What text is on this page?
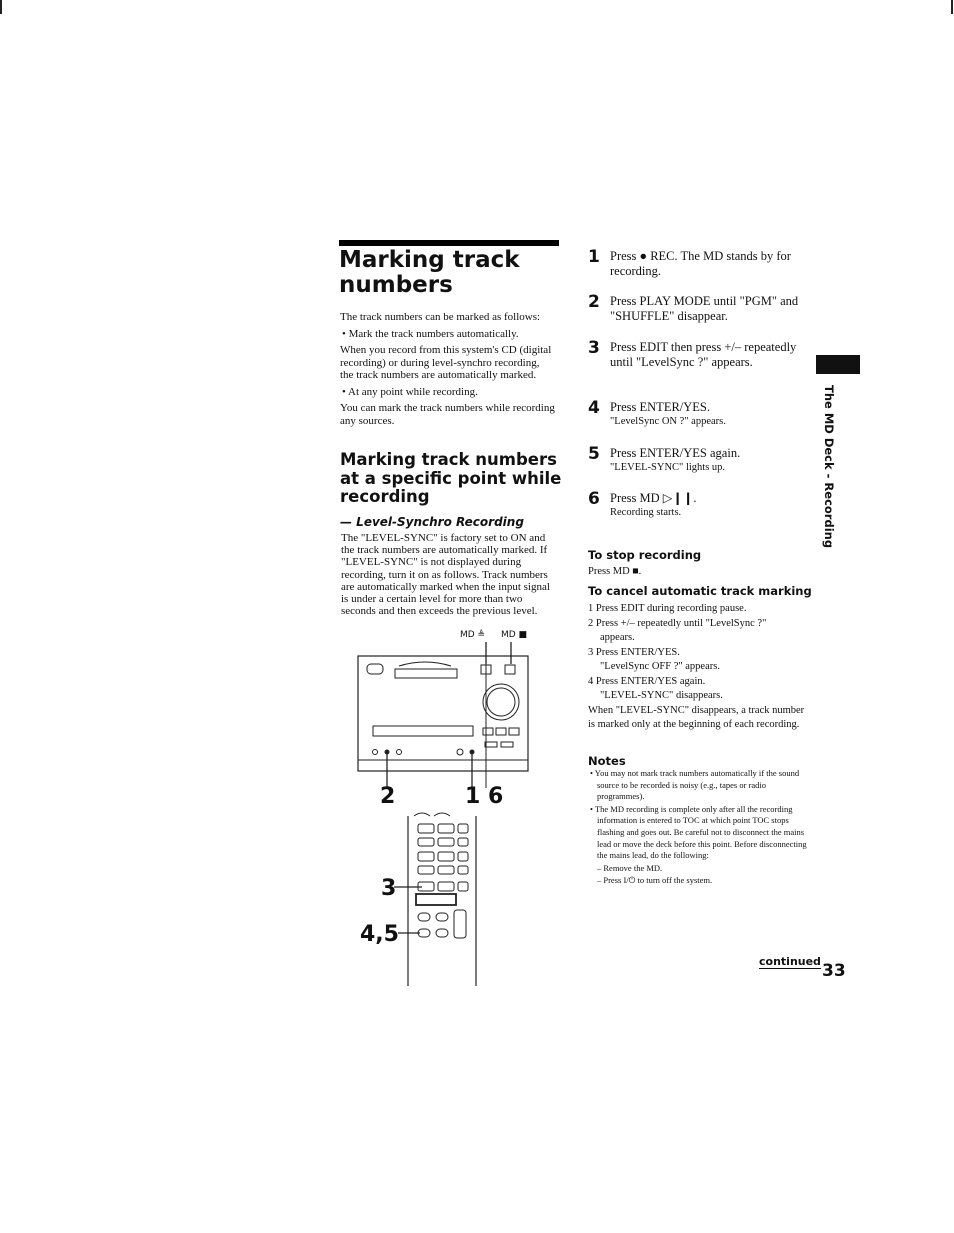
Marking track numbers

The track numbers can be marked as follows:

• Mark the track numbers automatically.

When you record from this system's CD (digital recording) or during level-synchro recording, the track numbers are automatically marked.

• At any point while recording.

You can mark the track numbers while recording any sources.

Marking track numbers at a specific point while recording
— Level-Synchro Recording
The "LEVEL-SYNC" is factory set to ON and the track numbers are automatically marked. If "LEVEL-SYNC" is not displayed during recording, turn it on as follows. Track numbers are automatically marked when the input signal is under a certain level for more than two seconds and then exceeds the previous level.
MD ≜ MD ■
2	1 6
3
4,5
1 Press ● REC. The MD stands by for recording.
2 Press PLAY MODE until "PGM" and "SHUFFLE" disappear.
3 Press EDIT then press +/– repeatedly until "LevelSync ?" appears.
4 Press ENTER/YES.
"LevelSync ON ?" appears.
5 Press ENTER/YES again.
"LEVEL-SYNC" lights up.
6 Press MD ▷❙❙.
Recording starts.
To stop recording
Press MD ■.
To cancel automatic track marking

1 Press EDIT during recording pause.

2 Press +/– repeatedly until "LevelSync ?"

appears.

3 Press ENTER/YES.

"LevelSync OFF ?" appears.

4 Press ENTER/YES again.

"LEVEL-SYNC" disappears.

When "LEVEL-SYNC" disappears, a track number is marked only at the beginning of each recording.
Notes

• You may not mark track numbers automatically if the sound source to be recorded is noisy (e.g., tapes or radio programmes).

• The MD recording is complete only after all the recording information is entered to TOC at which point TOC stops flashing and goes out. Be careful not to disconnect the mains lead or move the deck before this point. Before disconnecting the mains lead, do the following:

– Remove the MD.

– Press I/⏻ to turn off the system.

The MD Deck - Recording
continued 33
